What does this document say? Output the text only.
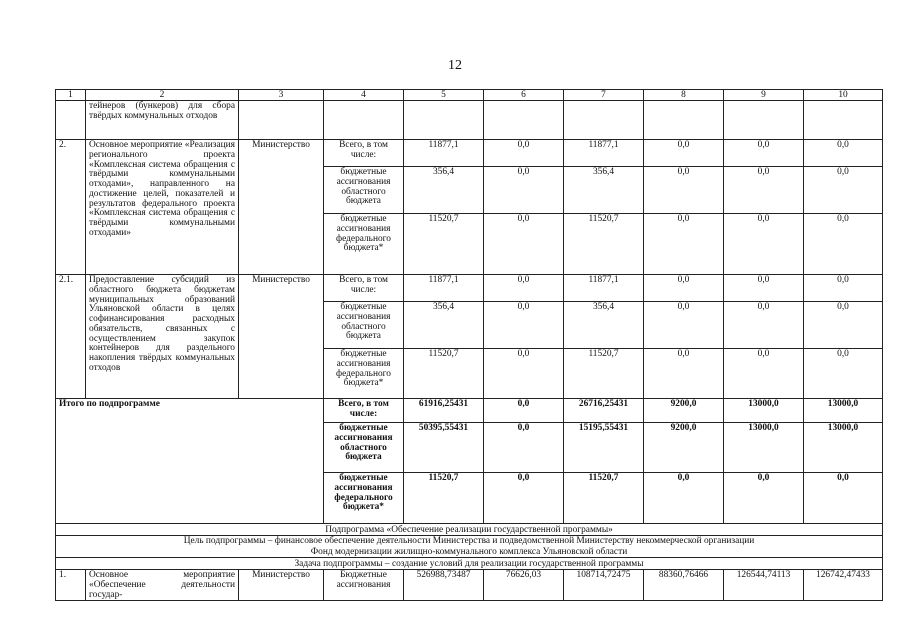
12
1	2	3	4	5	6	7	8	9	10
	тейнеров (бункеров) для сбора твёрдых коммунальных отходов								
2.	Основное мероприятие «Реализация регионального проекта «Комплексная система обращения с твёрдыми коммунальными отходами», направленного на достижение целей, показателей и результатов федерального проекта «Комплексная система обращения с твёрдыми коммунальными отходами»	Министерство	Всего, в том числе:	11877,1	0,0	11877,1	0,0	0,0	0,0
			бюджетные ассигнования областного бюджета	356,4	0,0	356,4	0,0	0,0	0,0
			бюджетные ассигнования федерального бюджета*	11520,7	0,0	11520,7	0,0	0,0	0,0
2.1.	Предоставление субсидий из областного бюджета бюджетам муниципальных образований Ульяновской области в целях софинансирования расходных обязательств, связанных с осуществлением закупок контейнеров для раздельного накопления твёрдых коммунальных отходов	Министерство	Всего, в том числе:	11877,1	0,0	11877,1	0,0	0,0	0,0
			бюджетные ассигнования областного бюджета	356,4	0,0	356,4	0,0	0,0	0,0
			бюджетные ассигнования федерального бюджета*	11520,7	0,0	11520,7	0,0	0,0	0,0
Итого по подпрограмме			Всего, в том числе:	61916,25431	0,0	26716,25431	9200,0	13000,0	13000,0
			бюджетные ассигнования областного бюджета	50395,55431	0,0	15195,55431	9200,0	13000,0	13000,0
			бюджетные ассигнования федерального бюджета*	11520,7	0,0	11520,7	0,0	0,0	0,0
Подпрограмма «Обеспечение реализации государственной программы»									

Цель подпрограммы – финансовое обеспечение деятельности Министерства и подведомственной Министерству некоммерческой организации
Фонд модернизации жилищно-коммунального комплекса Ульяновской области									

Задача подпрограммы – создание условий для реализации государственной программы									
1.	Основное мероприятие «Обеспечение деятельности государ-	Министерство	Бюджетные ассигнования	526988,73487	76626,03	108714,72475	88360,76466	126544,74113	126742,47433
